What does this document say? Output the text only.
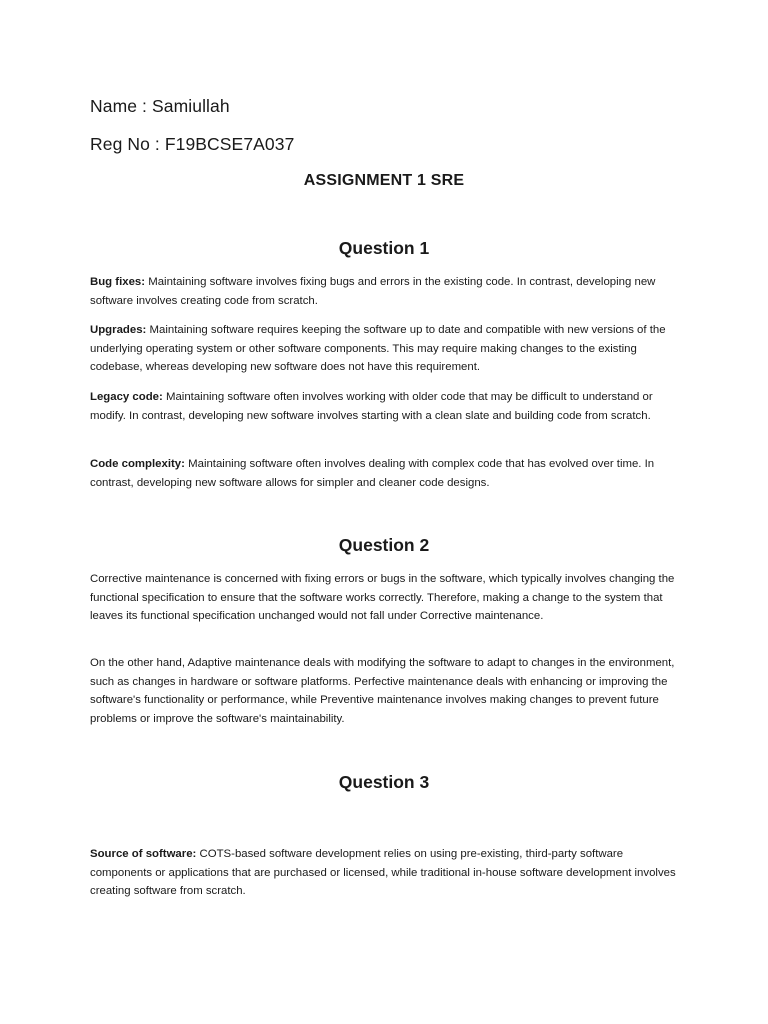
Name : Samiullah
Reg No : F19BCSE7A037
ASSIGNMENT 1 SRE
Question 1

Bug fixes: Maintaining software involves fixing bugs and errors in the existing code. In contrast, developing new software involves creating code from scratch.

Upgrades: Maintaining software requires keeping the software up to date and compatible with new versions of the underlying operating system or other software components. This may require making changes to the existing codebase, whereas developing new software does not have this requirement.

Legacy code: Maintaining software often involves working with older code that may be difficult to understand or modify. In contrast, developing new software involves starting with a clean slate and building code from scratch.

Code complexity: Maintaining software often involves dealing with complex code that has evolved over time. In contrast, developing new software allows for simpler and cleaner code designs.

Question 2

Corrective maintenance is concerned with fixing errors or bugs in the software, which typically involves changing the functional specification to ensure that the software works correctly. Therefore, making a change to the system that leaves its functional specification unchanged would not fall under Corrective maintenance.

On the other hand, Adaptive maintenance deals with modifying the software to adapt to changes in the environment, such as changes in hardware or software platforms. Perfective maintenance deals with enhancing or improving the software's functionality or performance, while Preventive maintenance involves making changes to prevent future problems or improve the software's maintainability.

Question 3

Source of software: COTS-based software development relies on using pre-existing, third-party software components or applications that are purchased or licensed, while traditional in-house software development involves creating software from scratch.
